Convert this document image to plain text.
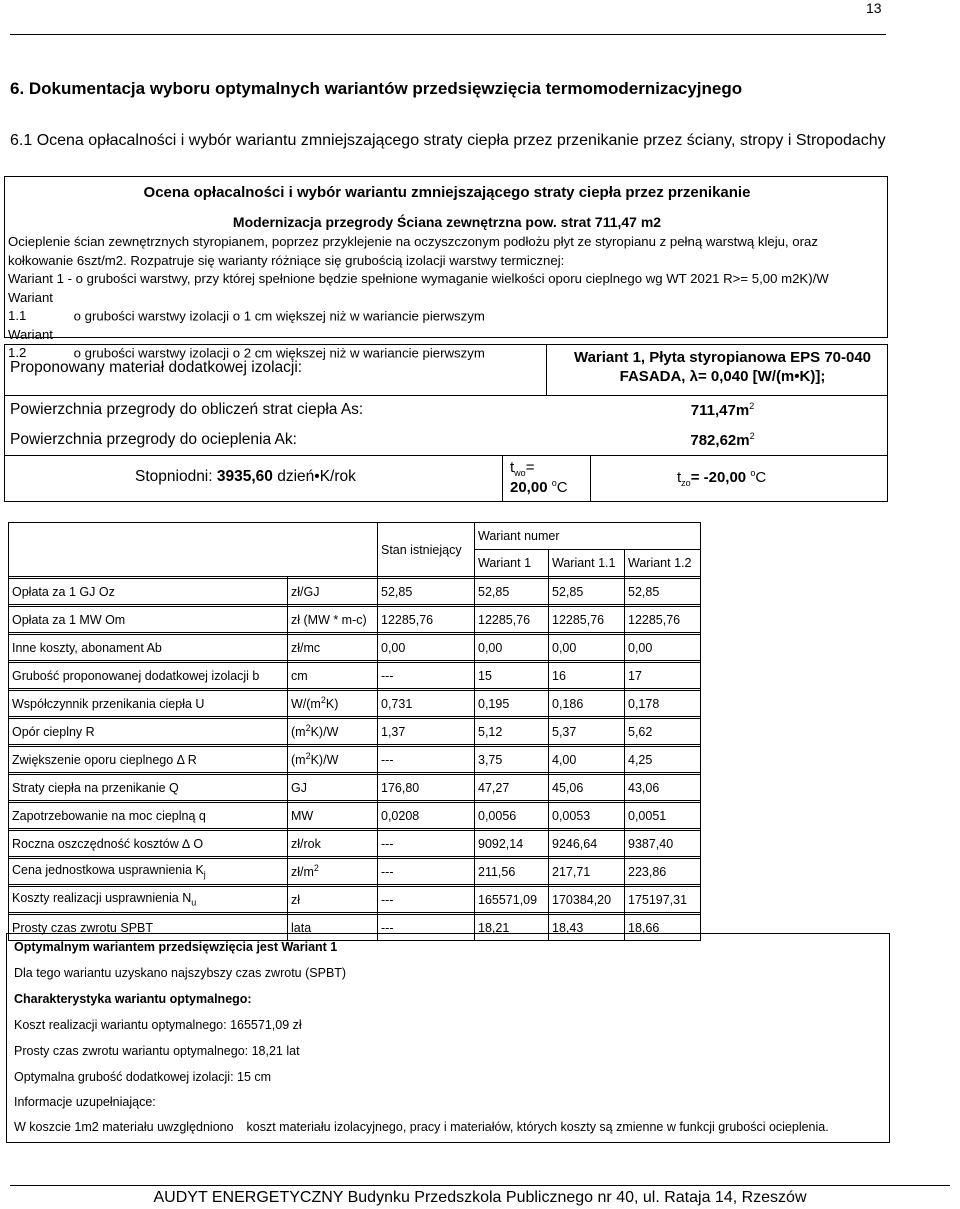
13
6. Dokumentacja wyboru optymalnych wariantów przedsięwzięcia termomodernizacyjnego
6.1 Ocena opłacalności i wybór wariantu zmniejszającego straty ciepła przez przenikanie przez ściany, stropy i Stropodachy
Ocena opłacalności i wybór wariantu zmniejszającego straty ciepła przez przenikanie
Modernizacja przegrody Ściana zewnętrzna pow. strat 711,47 m2

Ocieplenie ścian zewnętrznych styropianem, poprzez przyklejenie na oczyszczonym podłożu płyt ze styropianu z pełną warstwą kleju, oraz kołkowanie 6szt/m2. Rozpatruje się warianty różniące się grubością izolacji warstwy termicznej:

Wariant 1 - o grubości warstwy, przy której spełnione będzie spełnione wymaganie wielkości oporu cieplnego wg WT 2021 R>= 5,00 m2K)/W

Wariant 1.1	o grubości warstwy izolacji o 1 cm większej niż w wariancie pierwszym

Wariant 1.2	o grubości warstwy izolacji o 2 cm większej niż w wariancie pierwszym

Proponowany materiał dodatkowej izolacji:
Wariant 1, Płyta styropianowa EPS 70-040
FASADA, λ= 0,040 [W/(m•K)];
Powierzchnia przegrody do obliczeń strat ciepła As:	$711,47m^2$
Powierzchnia przegrody do ocieplenia Ak:	$782,62m^2$
Stopniodni: 3935,60 dzień•K/rok
$t_{wo}=$
20,00 $^o$C
$t_{zo}= -20,00$ $^o$C
		Stan istniejący	Wariant numer		
			Wariant 1	Wariant 1.1	Wariant 1.2

Opłata za 1 GJ Oz	zł/GJ	52,85	52,85	52,85	52,85

Opłata za 1 MW Om	zł (MW * m-c)	12285,76	12285,76	12285,76	12285,76

Inne koszty, abonament Ab	zł/mc	0,00	0,00	0,00	0,00

Grubość proponowanej dodatkowej izolacji b	cm	---	15	16	17

Współczynnik przenikania ciepła U	$W/(m^2K)$	0,731	0,195	0,186	0,178

Opór cieplny R	$(m^2K)/W$	1,37	5,12	5,37	5,62

Zwiększenie oporu cieplnego Δ R	$(m^2K)/W$	---	3,75	4,00	4,25

Straty ciepła na przenikanie Q	GJ	176,80	47,27	45,06	43,06

Zapotrzebowanie na moc cieplną q	MW	0,0208	0,0056	0,0053	0,0051

Roczna oszczędność kosztów ∆ O	zł/rok	---	9092,14	9246,64	9387,40

Cena jednostkowa usprawnienia $K_j$	$zł/m^2$	---	211,56	217,71	223,86

Koszty realizacji usprawnienia $N_u$	zł	---	165571,09	170384,20	175197,31

Prosty czas zwrotu SPBT	lata	---	18,21	18,43	18,66
Optymalnym wariantem przedsięwzięcia jest Wariant 1
Dla tego wariantu uzyskano najszybszy czas zwrotu (SPBT)
Charakterystyka wariantu optymalnego:
Koszt realizacji wariantu optymalnego: 165571,09 zł
Prosty czas zwrotu wariantu optymalnego: 18,21 lat
Optymalna grubość dodatkowej izolacji: 15 cm
Informacje uzupełniające:
W koszcie 1m2 materiału uwzględniono koszt materiału izolacyjnego, pracy i materiałów, których koszty są zmienne w funkcji grubości ocieplenia.
AUDYT ENERGETYCZNY Budynku Przedszkola Publicznego nr 40, ul. Rataja 14, Rzeszów
